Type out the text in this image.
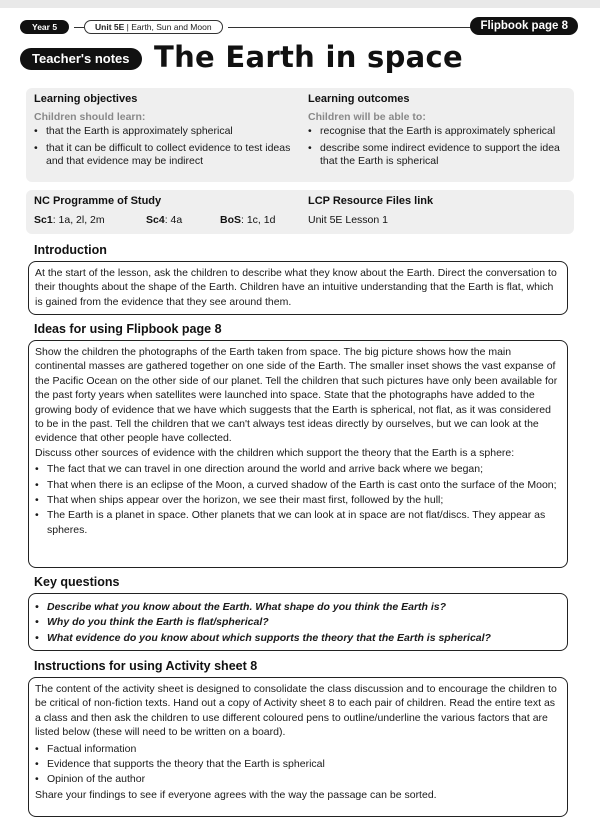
Year 5	Unit 5E | Earth, Sun and Moon	Flipbook page 8
Teacher's notes The Earth in space
Learning objectives
Children should learn:
• that the Earth is approximately spherical
• that it can be difficult to collect evidence to test ideas and that evidence may be indirect
Learning outcomes
Children will be able to:
• recognise that the Earth is approximately spherical
• describe some indirect evidence to support the idea that the Earth is spherical
NC Programme of Study
Sc1: 1a, 2l, 2m	Sc4: 4a	BoS: 1c, 1d
LCP Resource Files link
Unit 5E Lesson 1
Introduction

At the start of the lesson, ask the children to describe what they know about the Earth. Direct the conversation to their thoughts about the shape of the Earth. Children have an intuitive understanding that the Earth is flat, which is gained from the evidence that they see around them.

Ideas for using Flipbook page 8

Show the children the photographs of the Earth taken from space. The big picture shows how the main continental masses are gathered together on one side of the Earth. The smaller inset shows the vast expanse of the Pacific Ocean on the other side of our planet. Tell the children that such pictures have only been available for the past forty years when satellites were launched into space. State that the photographs have added to the growing body of evidence that we have which suggests that the Earth is spherical, not flat, as it was considered to be in the past. Tell the children that we can't always test ideas directly by ourselves, but we can look at the evidence that other people have collected.

Discuss other sources of evidence with the children which support the theory that the Earth is a sphere:

• The fact that we can travel in one direction around the world and arrive back where we began;
• That when there is an eclipse of the Moon, a curved shadow of the Earth is cast onto the surface of the Moon;
• That when ships appear over the horizon, we see their mast first, followed by the hull;
• The Earth is a planet in space. Other planets that we can look at in space are not flat/discs. They appear as spheres.
Key questions
• Describe what you know about the Earth. What shape do you think the Earth is?
• Why do you think the Earth is flat/spherical?
• What evidence do you know about which supports the theory that the Earth is spherical?
Instructions for using Activity sheet 8

The content of the activity sheet is designed to consolidate the class discussion and to encourage the children to be critical of non-fiction texts. Hand out a copy of Activity sheet 8 to each pair of children. Read the entire text as a class and then ask the children to use different coloured pens to outline/underline the various factors that are listed below (these will need to be written on a board).

• Factual information
• Evidence that supports the theory that the Earth is spherical
• Opinion of the author

Share your findings to see if everyone agrees with the way the passage can be sorted.
